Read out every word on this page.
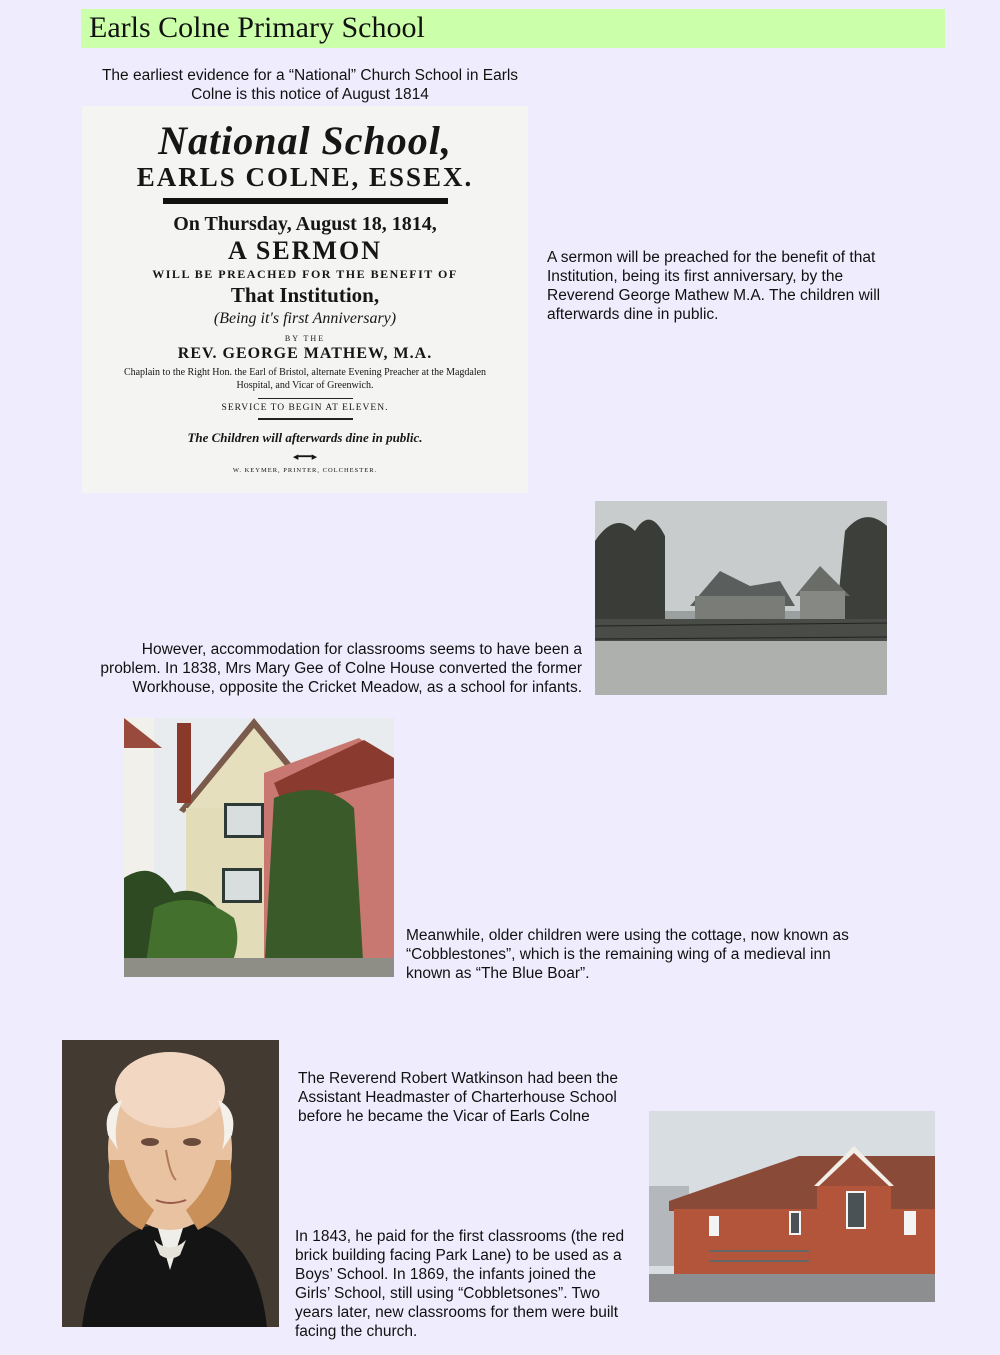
Earls Colne Primary School
The earliest evidence for a “National” Church School in Earls Colne is this notice of August 1814
National School,
EARLS COLNE, ESSEX.
On Thursday, August 18, 1814,
A SERMON
WILL BE PREACHED FOR THE BENEFIT OF
That Institution,
(Being it's first Anniversary)
BY THE
REV. GEORGE MATHEW, M.A.
Chaplain to the Right Hon. the Earl of Bristol, alternate Evening Preacher at the Magdalen Hospital, and Vicar of Greenwich.
SERVICE TO BEGIN AT ELEVEN.
The Children will afterwards dine in public.
◂━━▸
W. KEYMER, PRINTER, COLCHESTER.
A sermon will be preached for the benefit of that Institution, being its first anniversary, by the Reverend George Mathew M.A. The children will afterwards dine in public.
However, accommodation for classrooms seems to have been a problem. In 1838, Mrs Mary Gee of Colne House converted the former Workhouse, opposite the Cricket Meadow, as a school for infants.
Meanwhile, older children were using the cottage, now known as “Cobblestones”, which is the remaining wing of a medieval inn known as “The Blue Boar”.
The Reverend Robert Watkinson had been the Assistant Headmaster of Charterhouse School before he became the Vicar of Earls Colne
In 1843, he paid for the first classrooms (the red brick building facing Park Lane) to be used as a Boys’ School. In 1869, the infants joined the Girls’ School, still using “Cobbletsones”. Two years later, new classrooms for them were built facing the church.
